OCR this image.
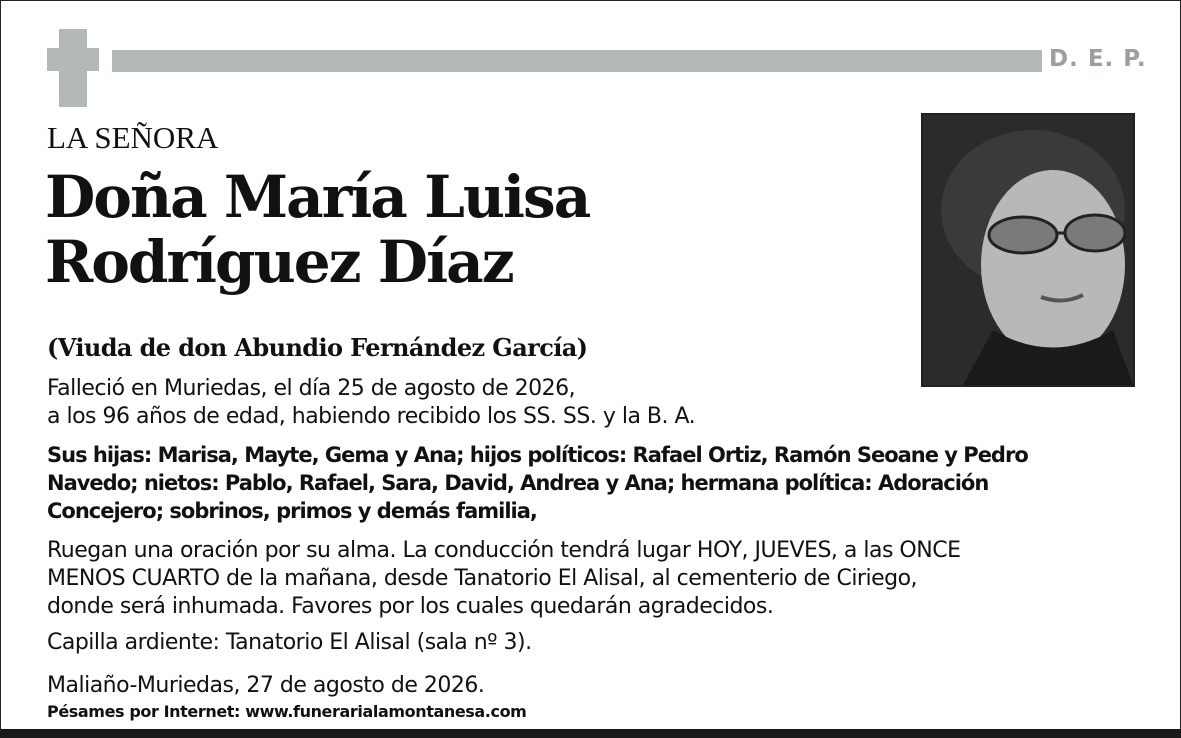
D. E. P.
LA SEÑORA
Doña María Luisa
Rodríguez Díaz
(Viuda de don Abundio Fernández García)
Falleció en Muriedas, el día 25 de agosto de 2026,
a los 96 años de edad, habiendo recibido los SS. SS. y la B. A.
Sus hijas: Marisa, Mayte, Gema y Ana; hijos políticos: Rafael Ortiz, Ramón Seoane y Pedro
Navedo; nietos: Pablo, Rafael, Sara, David, Andrea y Ana; hermana política: Adoración
Concejero; sobrinos, primos y demás familia,
Ruegan una oración por su alma. La conducción tendrá lugar HOY, JUEVES, a las ONCE
MENOS CUARTO de la mañana, desde Tanatorio El Alisal, al cementerio de Ciriego,
donde será inhumada. Favores por los cuales quedarán agradecidos.
Capilla ardiente: Tanatorio El Alisal (sala nº 3).
Maliaño-Muriedas, 27 de agosto de 2026.
Pésames por Internet: www.funerarialamontanesa.com
